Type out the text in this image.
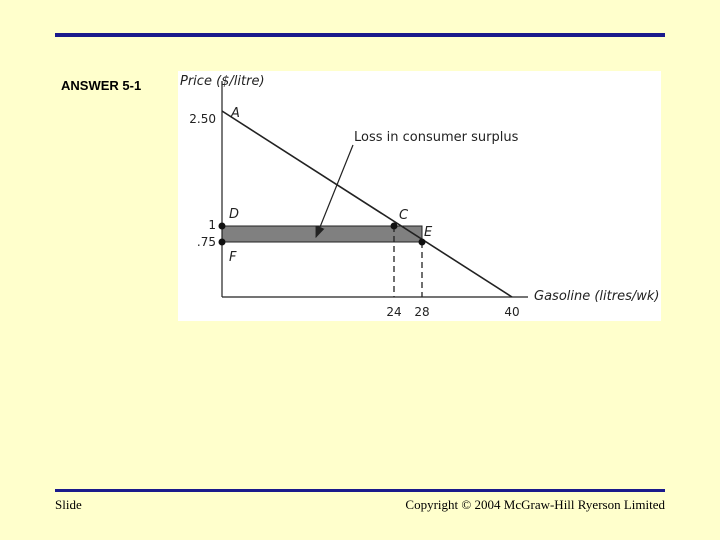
ANSWER 5-1	Price ($/litre)
Gasoline (litres/wk)
Loss in consumer surplus
2.50
1
.75
24 28	40
A
D
F
C
E
Slide	Copyright © 2004 McGraw-Hill Ryerson Limited
